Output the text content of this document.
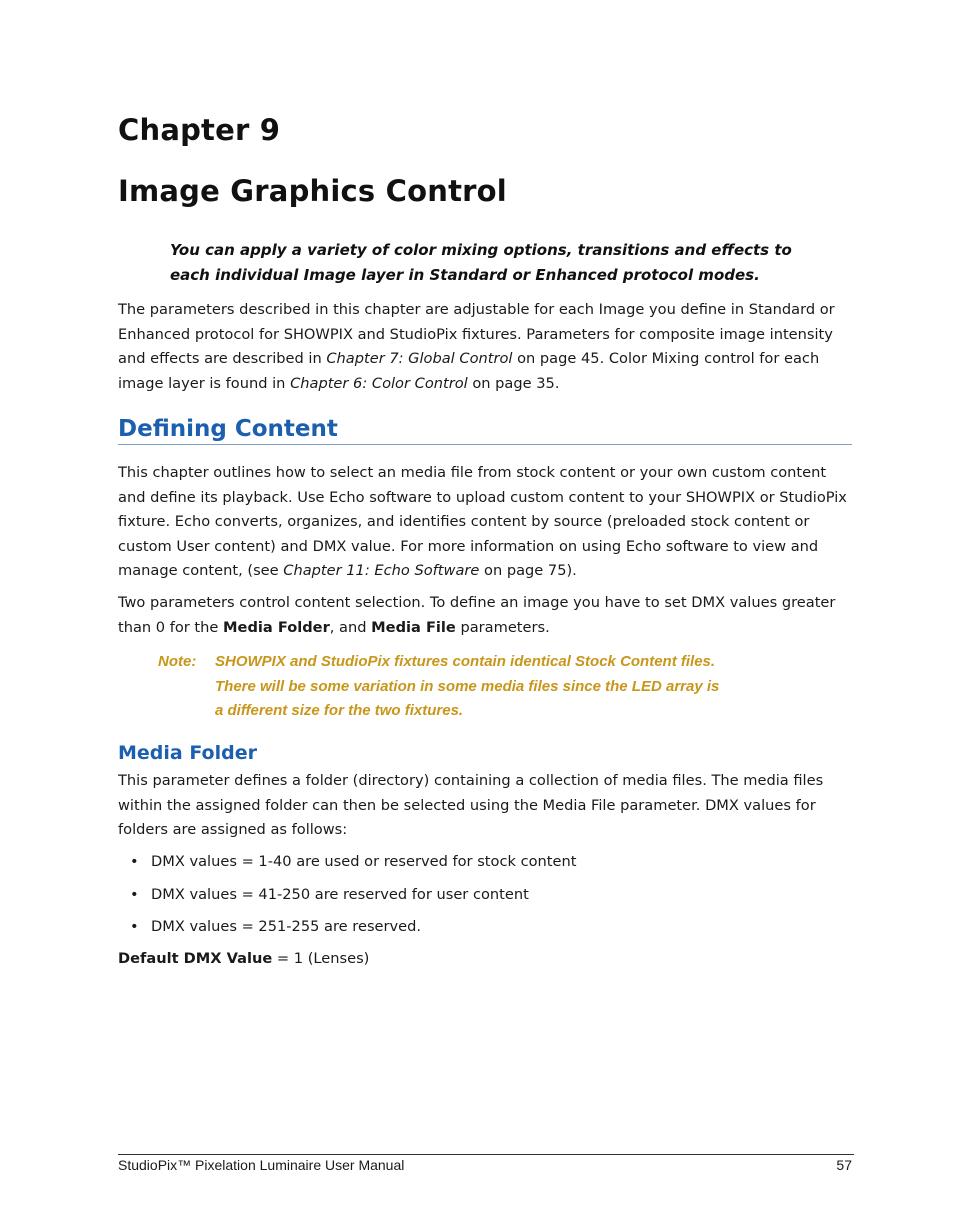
Chapter 9
Image Graphics Control

You can apply a variety of color mixing options, transitions and effects to
each individual Image layer in Standard or Enhanced protocol modes.

The parameters described in this chapter are adjustable for each Image you define in Standard or Enhanced protocol for SHOWPIX and StudioPix fixtures. Parameters for composite image intensity and effects are described in Chapter 7: Global Control on page 45. Color Mixing control for each image layer is found in Chapter 6: Color Control on page 35.

Defining Content

This chapter outlines how to select an media file from stock content or your own custom content and define its playback. Use Echo software to upload custom content to your SHOWPIX or StudioPix fixture. Echo converts, organizes, and identifies content by source (preloaded stock content or custom User content) and DMX value. For more information on using Echo software to view and manage content, (see Chapter 11: Echo Software on page 75).

Two parameters control content selection. To define an image you have to set DMX values greater than 0 for the Media Folder, and Media File parameters.

Note: SHOWPIX and StudioPix fixtures contain identical Stock Content files.
There will be some variation in some media files since the LED array is
a different size for the two fixtures.
Media Folder

This parameter defines a folder (directory) containing a collection of media files. The media files within the assigned folder can then be selected using the Media File parameter. DMX values for folders are assigned as follows:

• DMX values = 1-40 are used or reserved for stock content
• DMX values = 41-250 are reserved for user content
• DMX values = 251-255 are reserved.
Default DMX Value = 1 (Lenses)
StudioPix™ Pixelation Luminaire User Manual	57
